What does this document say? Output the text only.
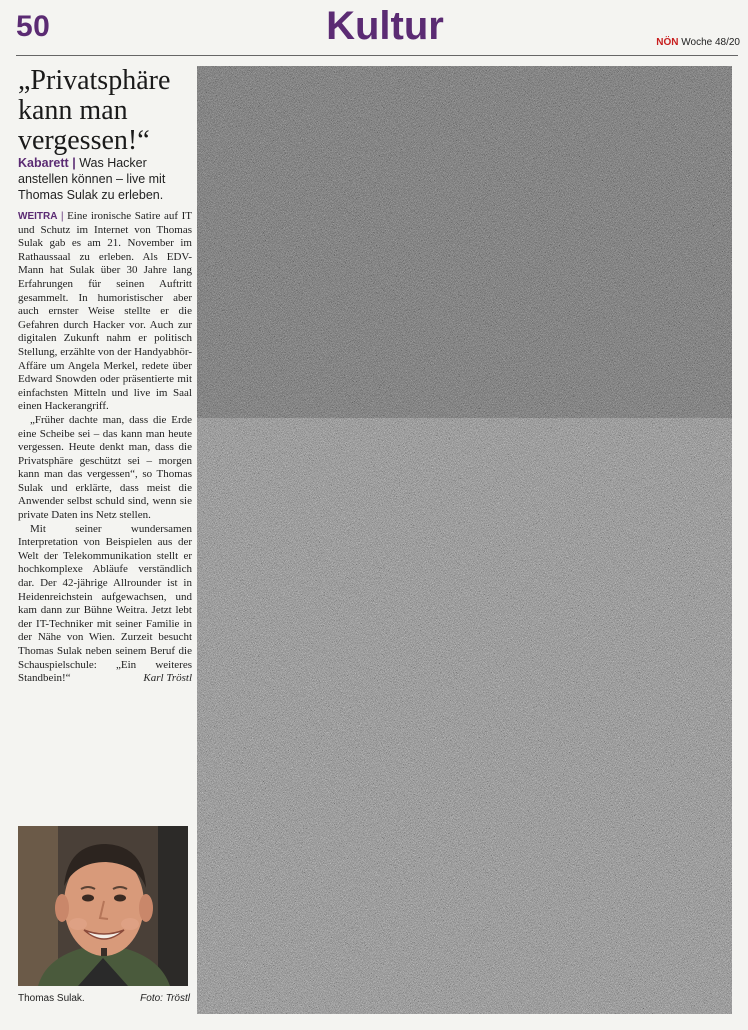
50	Kultur	NÖN Woche 48/20
„Privatsphäre kann man vergessen!“
Kabarett | Was Hacker anstellen können – live mit Thomas Sulak zu erleben.

WEITRA | Eine ironische Satire auf IT und Schutz im Internet von Thomas Sulak gab es am 21. November im Rathaussaal zu erleben. Als EDV-Mann hat Sulak über 30 Jahre lang Erfahrungen für seinen Auftritt gesammelt. In humoristischer aber auch ernster Weise stellte er die Gefahren durch Hacker vor. Auch zur digitalen Zukunft nahm er politisch Stellung, erzählte von der Handyabhör-Affäre um Angela Merkel, redete über Edward Snowden oder präsentierte mit einfachsten Mitteln und live im Saal einen Hackerangriff.

„Früher dachte man, dass die Erde eine Scheibe sei – das kann man heute vergessen. Heute denkt man, dass die Privatsphäre geschützt sei – morgen kann man das vergessen“, so Thomas Sulak und erklärte, dass meist die Anwender selbst schuld sind, wenn sie private Daten ins Netz stellen.

Mit seiner wundersamen Interpretation von Beispielen aus der Welt der Telekommunikation stellt er hochkomplexe Abläufe verständlich dar. Der 42-jährige Allrounder ist in Heidenreichstein aufgewachsen, und kam dann zur Bühne Weitra. Jetzt lebt der IT-Techniker mit seiner Familie in der Nähe von Wien. Zurzeit besucht Thomas Sulak neben seinem Beruf die Schauspielschule: „Ein weiteres Standbein!“	Karl Tröstl
Thomas Sulak.	Foto: Tröstl
